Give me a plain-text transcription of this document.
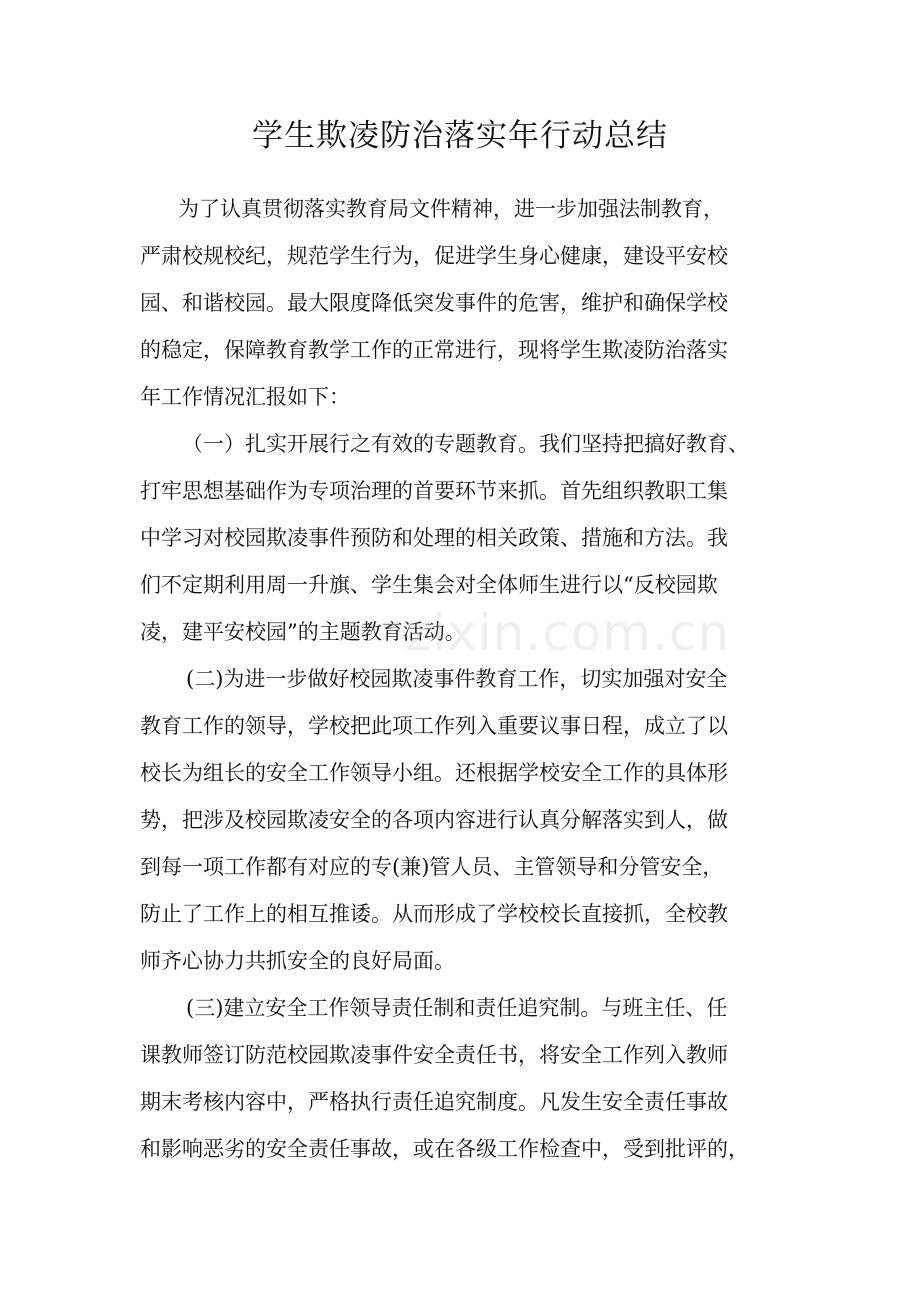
学生欺凌防治落实年行动总结
为了认真贯彻落实教育局文件精神，进一步加强法制教育，
严肃校规校纪，规范学生行为，促进学生身心健康，建设平安校
园、和谐校园。最大限度降低突发事件的危害，维护和确保学校
的稳定，保障教育教学工作的正常进行，现将学生欺凌防治落实
年工作情况汇报如下：
（一）扎实开展行之有效的专题教育。我们坚持把搞好教育、
打牢思想基础作为专项治理的首要环节来抓。首先组织教职工集
中学习对校园欺凌事件预防和处理的相关政策、措施和方法。我
们不定期利用周一升旗、学生集会对全体师生进行以“反校园欺
凌，建平安校园”的主题教育活动。
(二)为进一步做好校园欺凌事件教育工作，切实加强对安全
教育工作的领导，学校把此项工作列入重要议事日程，成立了以
校长为组长的安全工作领导小组。还根据学校安全工作的具体形
势，把涉及校园欺凌安全的各项内容进行认真分解落实到人，做
到每一项工作都有对应的专(兼)管人员、主管领导和分管安全，
防止了工作上的相互推诿。从而形成了学校校长直接抓，全校教
师齐心协力共抓安全的良好局面。
(三)建立安全工作领导责任制和责任追究制。与班主任、任
课教师签订防范校园欺凌事件安全责任书，将安全工作列入教师
期末考核内容中，严格执行责任追究制度。凡发生安全责任事故
和影响恶劣的安全责任事故，或在各级工作检查中，受到批评的，
zixin.com.cn
